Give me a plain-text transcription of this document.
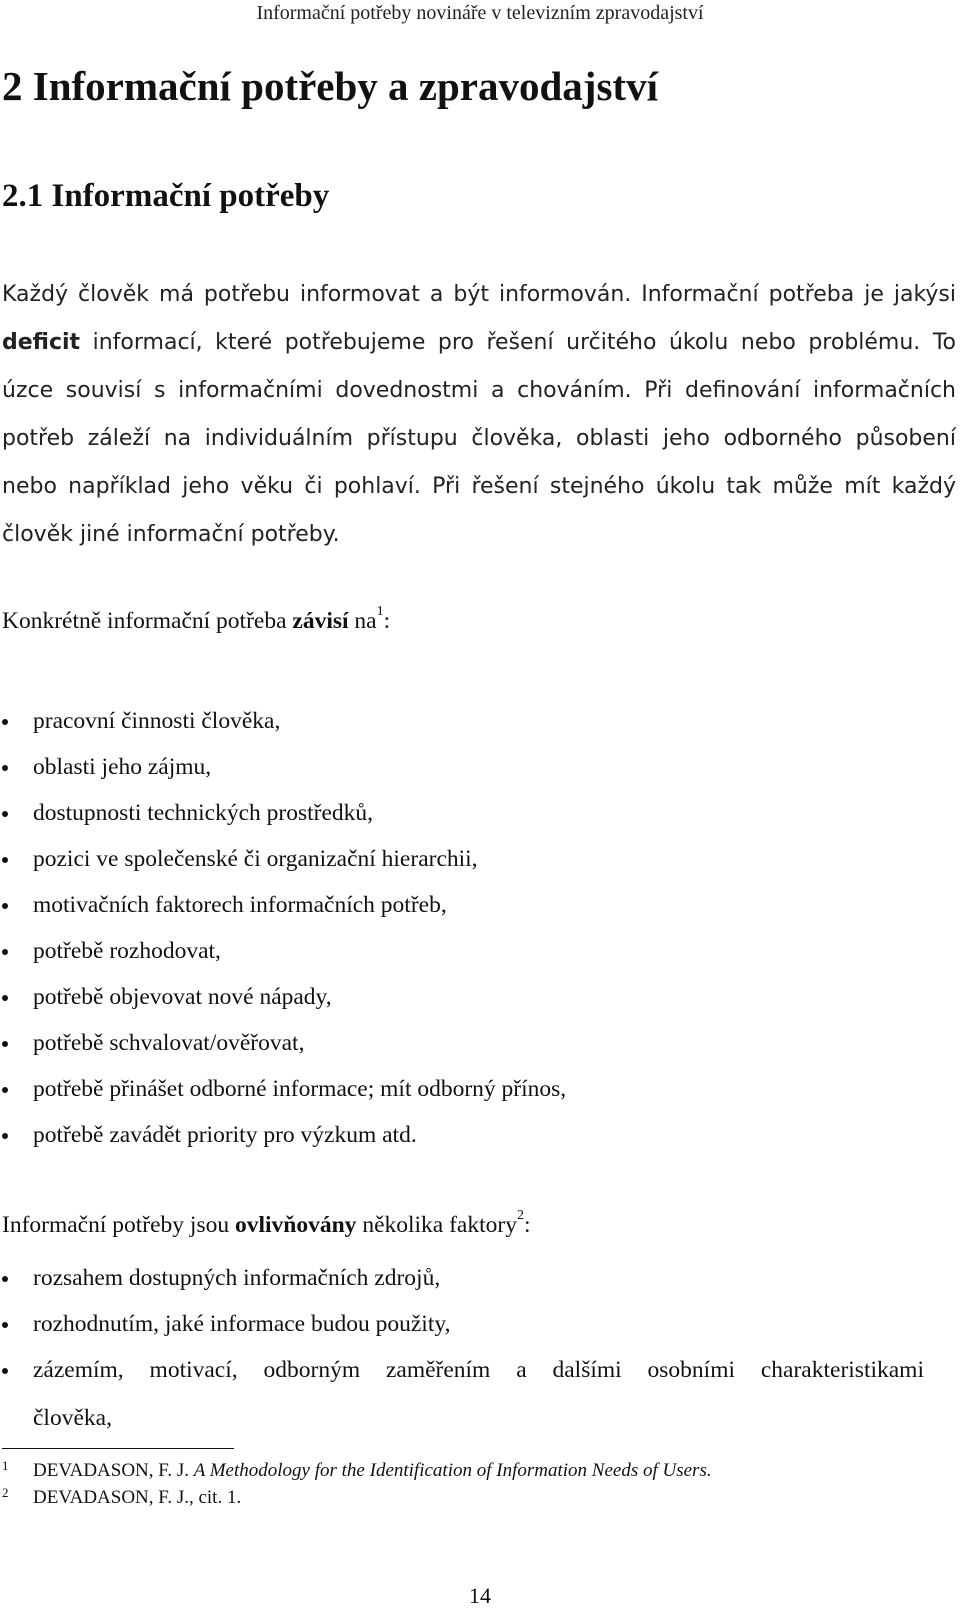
Informační potřeby novináře v televizním zpravodajství
2 Informační potřeby a zpravodajství
2.1 Informační potřeby
Každý člověk má potřebu informovat a být informován. Informační potřeba je jakýsi
deficit informací, které potřebujeme pro řešení určitého úkolu nebo problému. To
úzce souvisí s informačními dovednostmi a chováním. Při definování informačních
potřeb záleží na individuálním přístupu člověka, oblasti jeho odborného působení
nebo například jeho věku či pohlaví. Při řešení stejného úkolu tak může mít každý
člověk jiné informační potřeby.
Konkrétně informační potřeba závisí $na^1$:
pracovní činnosti člověka,
oblasti jeho zájmu,
dostupnosti technických prostředků,
pozici ve společenské či organizační hierarchii,
motivačních faktorech informačních potřeb,
potřebě rozhodovat,
potřebě objevovat nové nápady,
potřebě schvalovat/ověřovat,
potřebě přinášet odborné informace; mít odborný přínos,
potřebě zavádět priority pro výzkum atd.
Informační potřeby jsou ovlivňovány několika faktory$^2$:
rozsahem dostupných informačních zdrojů,
rozhodnutím, jaké informace budou použity,
zázemím, motivací, odborným zaměřením a dalšími osobními charakteristikami
člověka,
1 DEVADASON, F. J. A Methodology for the Identification of Information Needs of Users.
2 DEVADASON, F. J., cit. 1.
14
